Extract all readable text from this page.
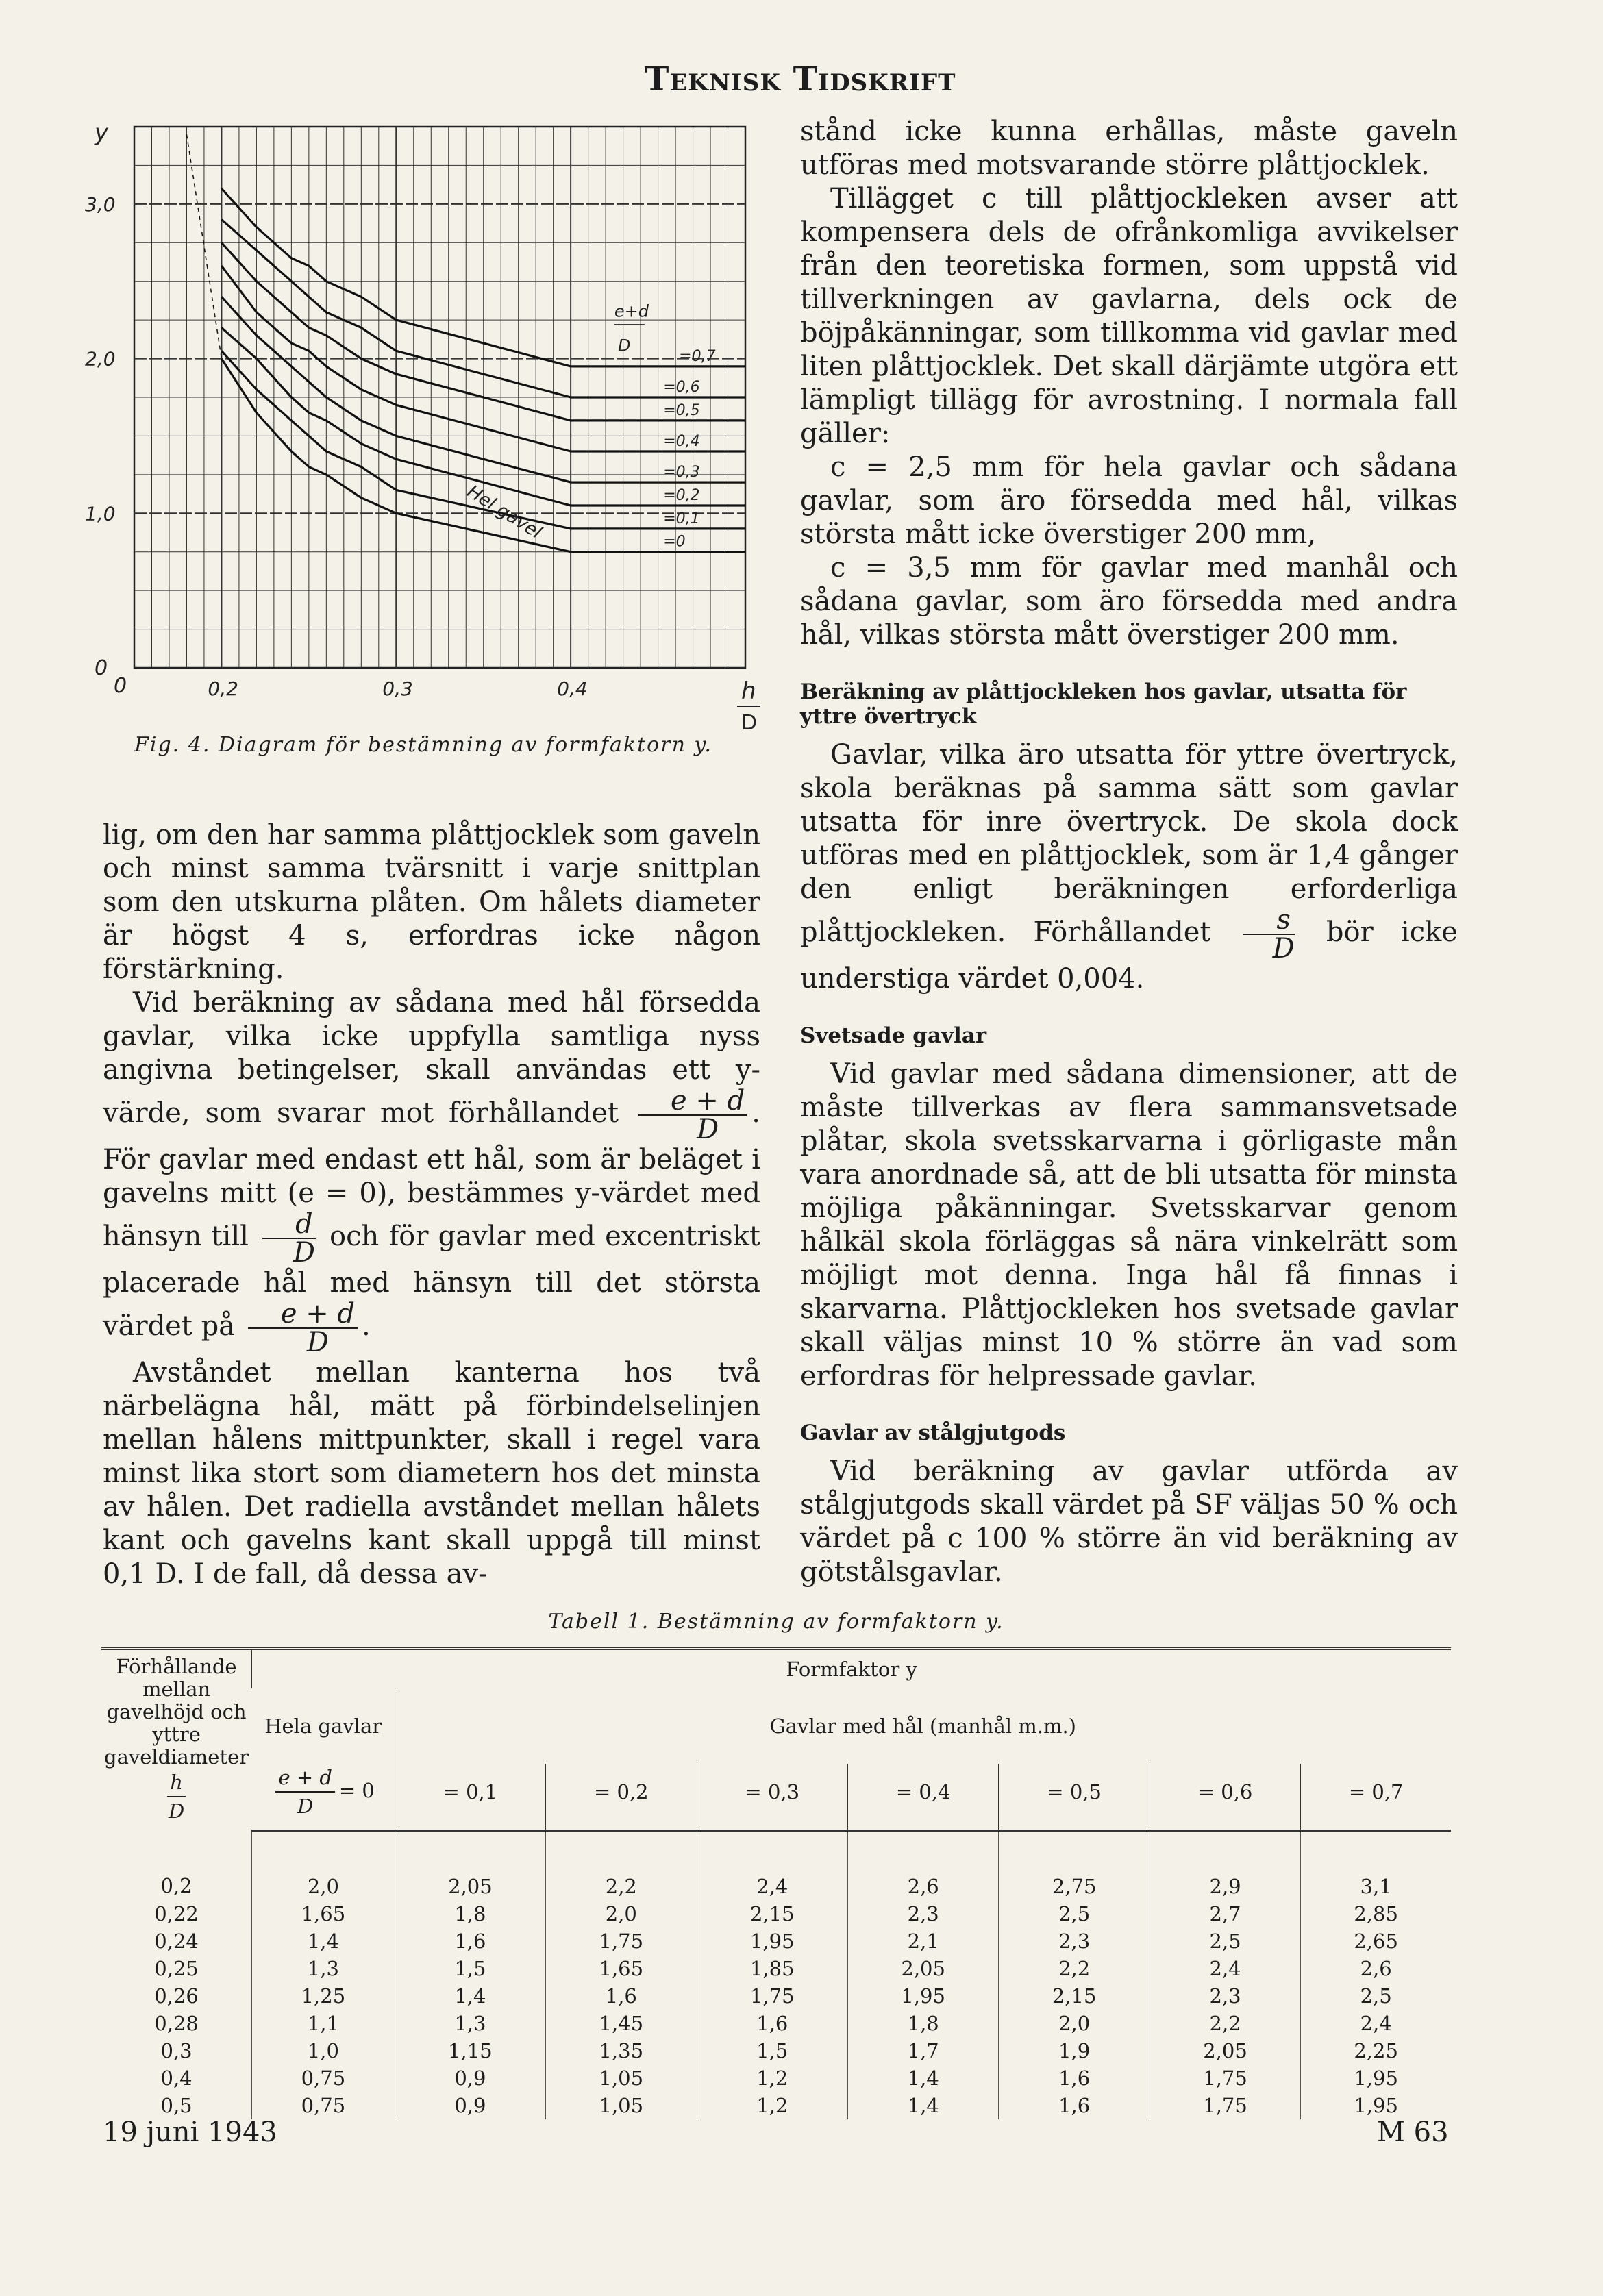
Teknisk Tidskrift
y
3,0
2,0
1,0
0,2	0,3	0,4
0
0	h
D
e+d
D
=0,7
=0,6
=0,5
=0,4
=0,3
=0,2
=0,1
=0
Hel gavel
Fig. 4. Diagram för bestämning av formfaktorn y.

lig, om den har samma plåttjocklek som gaveln och minst samma tvärsnitt i varje snittplan som den utskurna plåten. Om hålets diameter är högst 4 s, erfordras icke någon förstärkning.

Vid beräkning av sådana med hål försedda gavlar, vilka icke uppfylla samtliga nyss angivna betingelser, skall användas ett y-värde, som svarar mot förhållandet $\frac{e + d}{D}$ . För gavlar med endast ett hål, som är beläget i gavelns mitt (e = 0), bestämmes y-värdet med hänsyn till $\frac{d}{D}$ och för gavlar med excentriskt placerade hål med hänsyn till det största värdet på $\frac{e + d}{D}$ .

Avståndet mellan kanterna hos två närbelägna hål, mätt på förbindelselinjen mellan hålens mittpunkter, skall i regel vara minst lika stort som diametern hos det minsta av hålen. Det radiella avståndet mellan hålets kant och gavelns kant skall uppgå till minst 0,1 D. I de fall, då dessa av-

stånd icke kunna erhållas, måste gaveln utföras med motsvarande större plåttjocklek.

Tillägget c till plåttjockleken avser att kompensera dels de ofrånkomliga avvikelser från den teoretiska formen, som uppstå vid tillverkningen av gavlarna, dels ock de böjpåkänningar, som tillkomma vid gavlar med liten plåttjocklek. Det skall därjämte utgöra ett lämpligt tillägg för avrostning. I normala fall gäller:

c = 2,5 mm för hela gavlar och sådana gavlar, som äro försedda med hål, vilkas största mått icke överstiger 200 mm,

c = 3,5 mm för gavlar med manhål och sådana gavlar, som äro försedda med andra hål, vilkas största mått överstiger 200 mm.

Beräkning av plåttjockleken hos gavlar, utsatta för yttre övertryck

Gavlar, vilka äro utsatta för yttre övertryck, skola beräknas på samma sätt som gavlar utsatta för inre övertryck. De skola dock utföras med en plåttjocklek, som är 1,4 gånger den enligt beräkningen erforderliga plåttjockleken. Förhållandet $\frac{s}{D}$ bör icke understiga värdet 0,004.

Svetsade gavlar

Vid gavlar med sådana dimensioner, att de måste tillverkas av flera sammansvetsade plåtar, skola svetsskarvarna i görligaste mån vara anordnade så, att de bli utsatta för minsta möjliga påkänningar. Svetsskarvar genom hålkäl skola förläggas så nära vinkelrätt som möjligt mot denna. Inga hål få finnas i skarvarna. Plåttjockleken hos svetsade gavlar skall väljas minst 10 % större än vad som erfordras för helpressade gavlar.

Gavlar av stålgjutgods

Vid beräkning av gavlar utförda av stålgjutgods skall värdet på SF väljas 50 % och värdet på c 100 % större än vid beräkning av götstålsgavlar.

Tabell 1. Bestämning av formfaktorn y.
Förhållande mellan gavelhöjd och yttre gaveldiameter

$\frac{h}{D}$	Formfaktor y							
	Hela gavlar	Gavlar med hål (manhål m.m.)						

	$\frac{e + d}{D} = 0$	= 0,1	= 0,2	= 0,3	= 0,4	= 0,5	= 0,6	= 0,7
0,2	2,0	2,05	2,2	2,4	2,6	2,75	2,9	3,1
0,22	1,65	1,8	2,0	2,15	2,3	2,5	2,7	2,85
0,24	1,4	1,6	1,75	1,95	2,1	2,3	2,5	2,65
0,25	1,3	1,5	1,65	1,85	2,05	2,2	2,4	2,6
0,26	1,25	1,4	1,6	1,75	1,95	2,15	2,3	2,5
0,28	1,1	1,3	1,45	1,6	1,8	2,0	2,2	2,4
0,3	1,0	1,15	1,35	1,5	1,7	1,9	2,05	2,25
0,4	0,75	0,9	1,05	1,2	1,4	1,6	1,75	1,95
0,5	0,75	0,9	1,05	1,2	1,4	1,6	1,75	1,95
19 juni 1943	M 63
